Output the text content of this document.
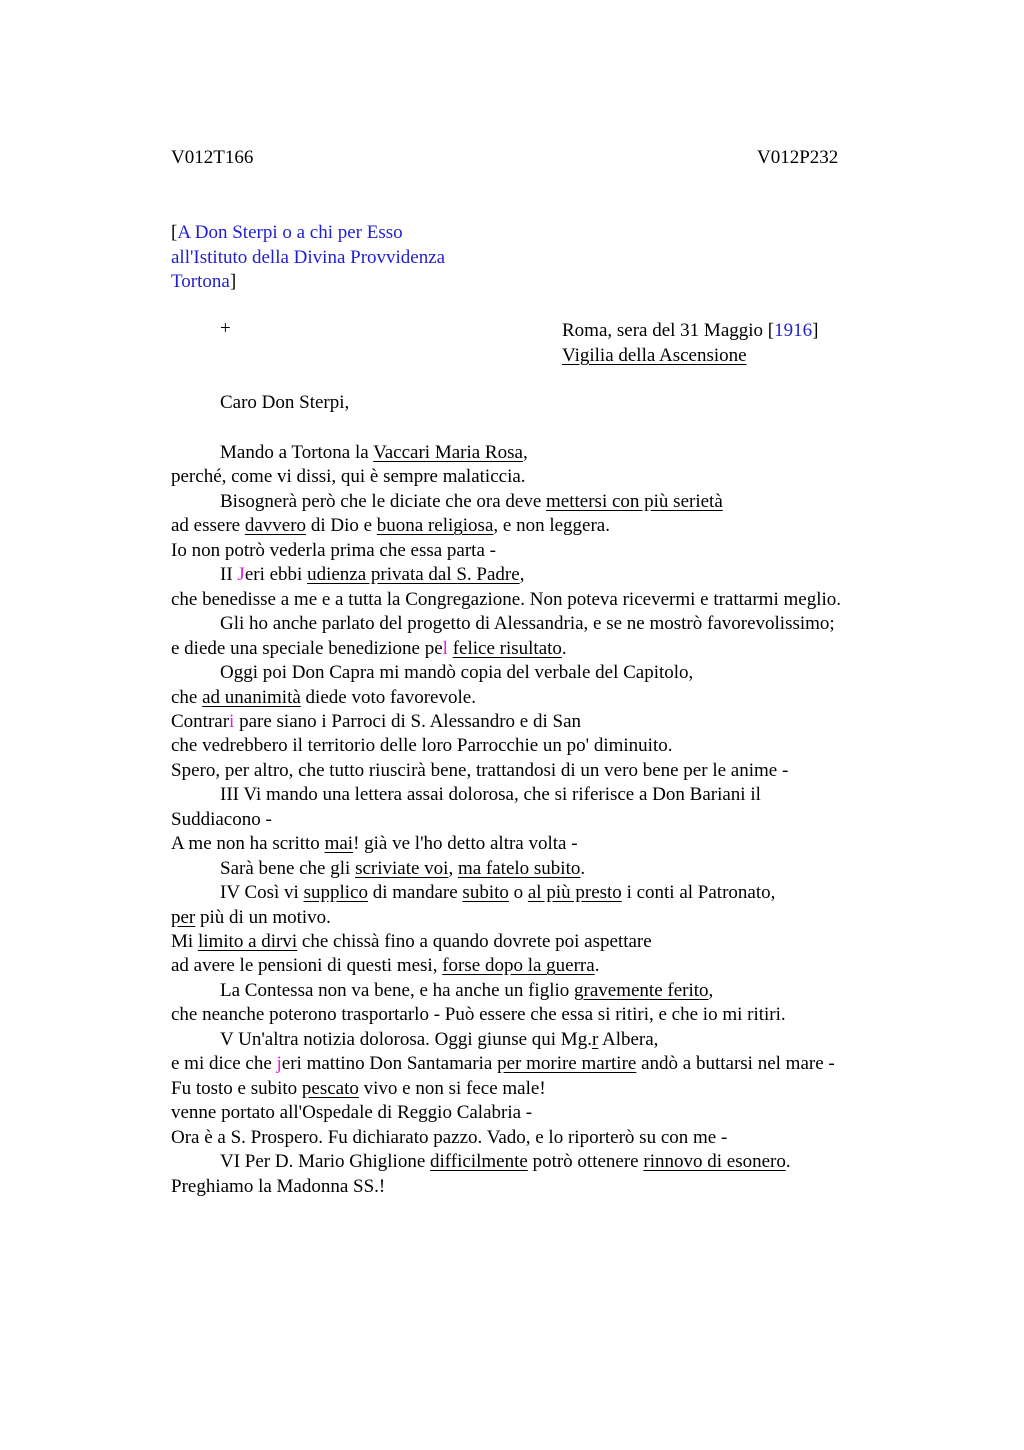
V012T166	V012P232
[A Don Sterpi o a chi per Esso
all'Istituto della Divina Provvidenza
Tortona]
+	Roma, sera del 31 Maggio [1916]
Vigilia della Ascensione
Caro Don Sterpi,
Mando a Tortona la Vaccari Maria Rosa,
perché, come vi dissi, qui è sempre malaticcia.
Bisognerà però che le diciate che ora deve mettersi con più serietà
ad essere davvero di Dio e buona religiosa, e non leggera.
Io non potrò vederla prima che essa parta -
II Jeri ebbi udienza privata dal S. Padre,
che benedisse a me e a tutta la Congregazione. Non poteva ricevermi e trattarmi meglio.
Gli ho anche parlato del progetto di Alessandria, e se ne mostrò favorevolissimo;
e diede una speciale benedizione pel felice risultato.
Oggi poi Don Capra mi mandò copia del verbale del Capitolo,
che ad unanimità diede voto favorevole.
Contrari pare siano i Parroci di S. Alessandro e di San
che vedrebbero il territorio delle loro Parrocchie un po' diminuito.
Spero, per altro, che tutto riuscirà bene, trattandosi di un vero bene per le anime -
III Vi mando una lettera assai dolorosa, che si riferisce a Don Bariani il
Suddiacono -
A me non ha scritto mai! già ve l'ho detto altra volta -
Sarà bene che gli scriviate voi, ma fatelo subito.
IV Così vi supplico di mandare subito o al più presto i conti al Patronato,
per più di un motivo.
Mi limito a dirvi che chissà fino a quando dovrete poi aspettare
ad avere le pensioni di questi mesi, forse dopo la guerra.
La Contessa non va bene, e ha anche un figlio gravemente ferito,
che neanche poterono trasportarlo - Può essere che essa si ritiri, e che io mi ritiri.
V Un'altra notizia dolorosa. Oggi giunse qui Mg.r Albera,
e mi dice che jeri mattino Don Santamaria per morire martire andò a buttarsi nel mare -
Fu tosto e subito pescato vivo e non si fece male!
venne portato all'Ospedale di Reggio Calabria -
Ora è a S. Prospero. Fu dichiarato pazzo. Vado, e lo riporterò su con me -
VI Per D. Mario Ghiglione difficilmente potrò ottenere rinnovo di esonero.
Preghiamo la Madonna SS.!
